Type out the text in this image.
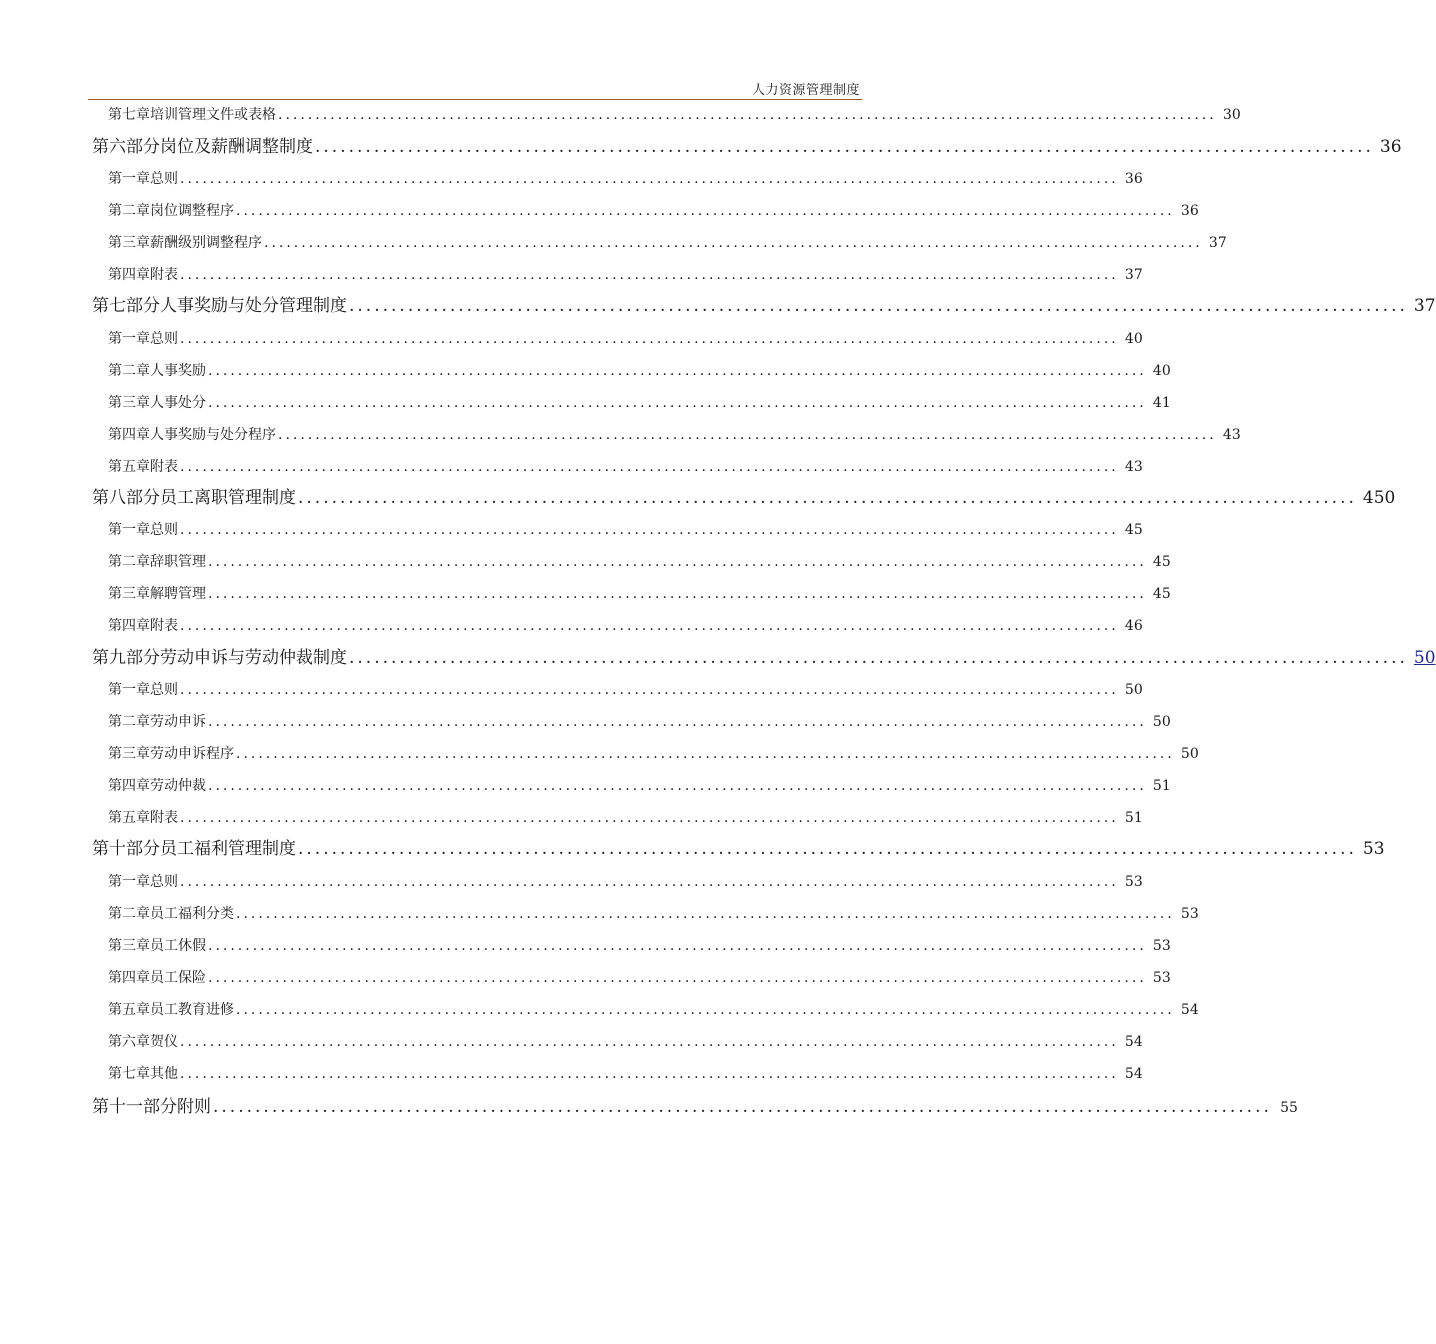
人力资源管理制度
第七章 培训管理文件或表格 .............................................................................................................................. 30
第六部分 岗位及薪酬调整制度 .............................................................................................................................. 36
第一章 总则 .............................................................................................................................. 36
第二章 岗位调整程序 .............................................................................................................................. 36
第三章 薪酬级别调整程序 .............................................................................................................................. 37
第四章 附表 .............................................................................................................................. 37
第七部分 人事奖励与处分管理制度 .............................................................................................................................. 37
第一章 总则 .............................................................................................................................. 40
第二章 人事奖励 .............................................................................................................................. 40
第三章 人事处分 .............................................................................................................................. 41
第四章 人事奖励与处分程序 .............................................................................................................................. 43
第五章 附表 .............................................................................................................................. 43
第八部分 员工离职管理制度 .............................................................................................................................. 450
第一章 总则 .............................................................................................................................. 45
第二章 辞职管理 .............................................................................................................................. 45
第三章 解聘管理 .............................................................................................................................. 45
第四章 附表 .............................................................................................................................. 46
第九部分 劳动申诉与劳动仲裁制度 .............................................................................................................................. 50
第一章 总则 .............................................................................................................................. 50
第二章 劳动申诉 .............................................................................................................................. 50
第三章 劳动申诉程序 .............................................................................................................................. 50
第四章 劳动仲裁 .............................................................................................................................. 51
第五章 附表 .............................................................................................................................. 51
第十部分 员工福利管理制度 .............................................................................................................................. 53
第一章 总则 .............................................................................................................................. 53
第二章 员工福利分类 .............................................................................................................................. 53
第三章 员工休假 .............................................................................................................................. 53
第四章 员工保险 .............................................................................................................................. 53
第五章 员工教育进修 .............................................................................................................................. 54
第六章 贺仪 .............................................................................................................................. 54
第七章 其他 .............................................................................................................................. 54
第十一部分 附则 .............................................................................................................................. 55
